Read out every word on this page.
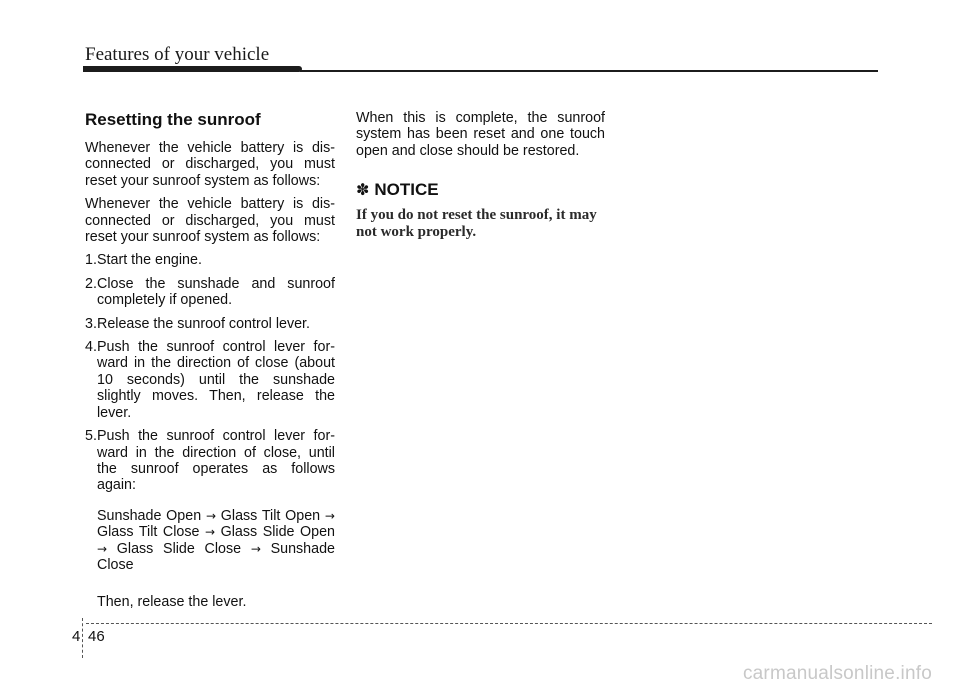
Features of your vehicle
Resetting the sunroof

Whenever the vehicle battery is disconnected or discharged, you must reset your sunroof system as follows:

Whenever the vehicle battery is disconnected or discharged, you must reset your sunroof system as follows:

1. Start the engine.
2. Close the sunshade and sunroof completely if opened.
3. Release the sunroof control lever.
4. Push the sunroof control lever forward in the direction of close (about 10 seconds) until the sunshade slightly moves. Then, release the lever.
5. Push the sunroof control lever forward in the direction of close, until the sunroof operates as follows again:
Sunshade Open → Glass Tilt Open → Glass Tilt Close → Glass Slide Open → Glass Slide Close → Sunshade Close
Then, release the lever.

When this is complete, the sunroof system has been reset and one touch open and close should be restored.

✽ NOTICE
If you do not reset the sunroof, it may not work properly.
4 46
carmanualsonline.info
